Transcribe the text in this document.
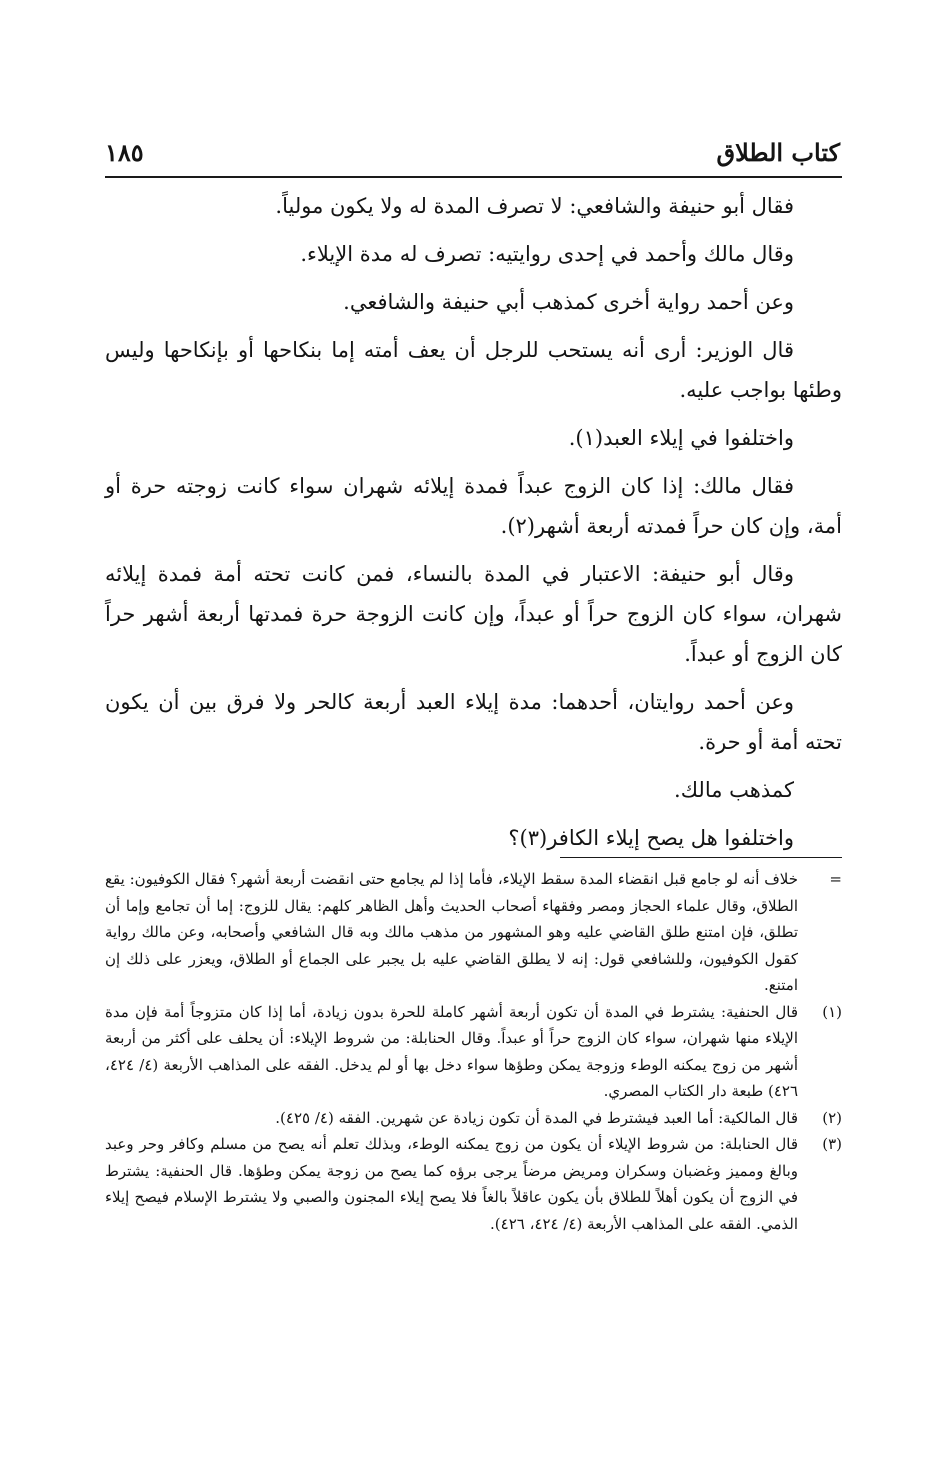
كتاب الطلاق
١٨٥

فقال أبو حنيفة والشافعي: لا تصرف المدة له ولا يكون مولياً.

وقال مالك وأحمد في إحدى روايتيه: تصرف له مدة الإيلاء.

وعن أحمد رواية أخرى كمذهب أبي حنيفة والشافعي.

قال الوزير: أرى أنه يستحب للرجل أن يعف أمته إما بنكاحها أو بإنكاحها وليس وطئها بواجب عليه.

واختلفوا في إيلاء العبد(١).

فقال مالك: إذا كان الزوج عبداً فمدة إيلائه شهران سواء كانت زوجته حرة أو أمة، وإن كان حراً فمدته أربعة أشهر(٢).

وقال أبو حنيفة: الاعتبار في المدة بالنساء، فمن كانت تحته أمة فمدة إيلائه شهران، سواء كان الزوج حراً أو عبداً، وإن كانت الزوجة حرة فمدتها أربعة أشهر حراً كان الزوج أو عبداً.

وعن أحمد روايتان، أحدهما: مدة إيلاء العبد أربعة كالحر ولا فرق بين أن يكون تحته أمة أو حرة.

كمذهب مالك.

واختلفوا هل يصح إيلاء الكافر(٣)؟

=
خلاف أنه لو جامع قبل انقضاء المدة سقط الإيلاء، فأما إذا لم يجامع حتى انقضت أربعة أشهر؟ فقال الكوفيون: يقع الطلاق، وقال علماء الحجاز ومصر وفقهاء أصحاب الحديث وأهل الظاهر كلهم: يقال للزوج: إما أن تجامع وإما أن تطلق، فإن امتنع طلق القاضي عليه وهو المشهور من مذهب مالك وبه قال الشافعي وأصحابه، وعن مالك رواية كقول الكوفيون، وللشافعي قول: إنه لا يطلق القاضي عليه بل يجبر على الجماع أو الطلاق، ويعزر على ذلك إن امتنع.
(١)
قال الحنفية: يشترط في المدة أن تكون أربعة أشهر كاملة للحرة بدون زيادة، أما إذا كان متزوجاً أمة فإن مدة الإيلاء منها شهران، سواء كان الزوج حراً أو عبداً. وقال الحنابلة: من شروط الإيلاء: أن يحلف على أكثر من أربعة أشهر من زوج يمكنه الوطء وزوجة يمكن وطؤها سواء دخل بها أو لم يدخل. الفقه على المذاهب الأربعة (٤/ ٤٢٤، ٤٢٦) طبعة دار الكتاب المصري.
(٢)
قال المالكية: أما العبد فيشترط في المدة أن تكون زيادة عن شهرين. الفقه (٤/ ٤٢٥).
(٣)
قال الحنابلة: من شروط الإيلاء أن يكون من زوج يمكنه الوطء، وبذلك تعلم أنه يصح من مسلم وكافر وحر وعبد وبالغ ومميز وغضبان وسكران ومريض مرضاً يرجى برؤه كما يصح من زوجة يمكن وطؤها. قال الحنفية: يشترط في الزوج أن يكون أهلاً للطلاق بأن يكون عاقلاً بالغاً فلا يصح إيلاء المجنون والصبي ولا يشترط الإسلام فيصح إيلاء الذمي. الفقه على المذاهب الأربعة (٤/ ٤٢٤، ٤٢٦).
